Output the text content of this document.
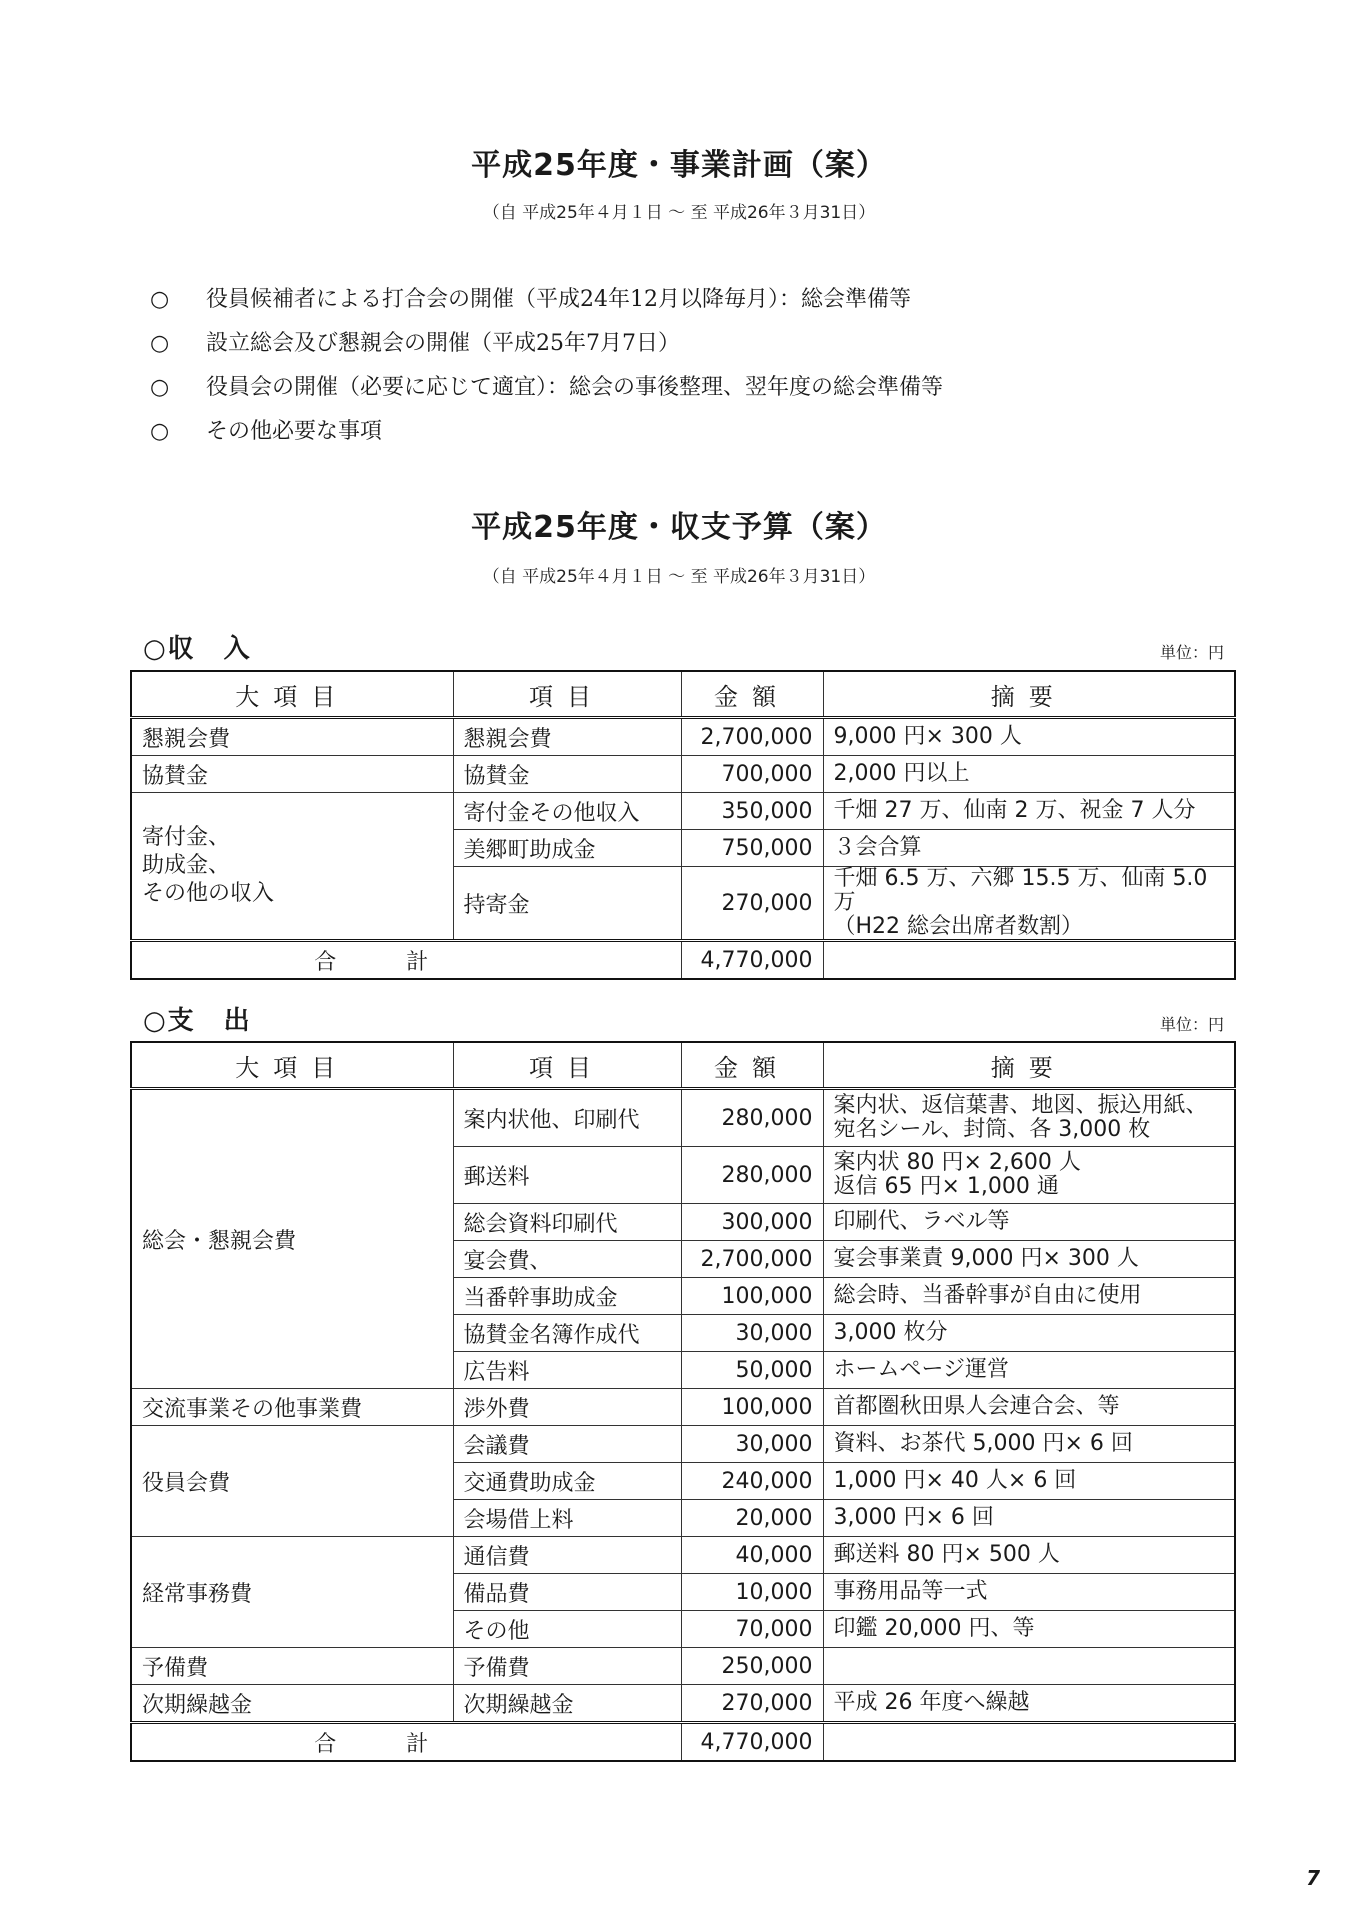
平成25年度・事業計画（案）
（自 平成25年４月１日 ～ 至 平成26年３月31日）
○ 役員候補者による打合会の開催（平成24年12月以降毎月）：総会準備等
○ 設立総会及び懇親会の開催（平成25年7月7日）
○ 役員会の開催（必要に応じて適宜）：総会の事後整理、翌年度の総会準備等
○ その他必要な事項
平成25年度・収支予算（案）
（自 平成25年４月１日 ～ 至 平成26年３月31日）
○収　入	単位：円
大項目	項目	金額	摘要
懇親会費	懇親会費	2,700,000	9,000 円× 300 人
協賛金	協賛金	700,000	2,000 円以上
寄付金、
助成金、
その他の収入	寄付金その他収入	350,000	千畑 27 万、仙南 2 万、祝金 7 人分
	美郷町助成金	750,000	３会合算
	持寄金	270,000	千畑 6.5 万、六郷 15.5 万、仙南 5.0 万
（H22 総会出席者数割）
合計		4,770,000	
○支　出	単位：円
大項目	項目	金額	摘要
総会・懇親会費	案内状他、印刷代	280,000	案内状、返信葉書、地図、振込用紙、
宛名シール、封筒、各 3,000 枚
	郵送料	280,000	案内状 80 円× 2,600 人
返信 65 円× 1,000 通
	総会資料印刷代	300,000	印刷代、ラベル等
	宴会費、	2,700,000	宴会事業責 9,000 円× 300 人
	当番幹事助成金	100,000	総会時、当番幹事が自由に使用
	協賛金名簿作成代	30,000	3,000 枚分
	広告料	50,000	ホームページ運営
交流事業その他事業費	渉外費	100,000	首都圏秋田県人会連合会、等
役員会費	会議費	30,000	資料、お茶代 5,000 円× 6 回
	交通費助成金	240,000	1,000 円× 40 人× 6 回
	会場借上料	20,000	3,000 円× 6 回
経常事務費	通信費	40,000	郵送料 80 円× 500 人
	備品費	10,000	事務用品等一式
	その他	70,000	印鑑 20,000 円、等
予備費	予備費	250,000	
次期繰越金	次期繰越金	270,000	平成 26 年度へ繰越
合計		4,770,000	
7
